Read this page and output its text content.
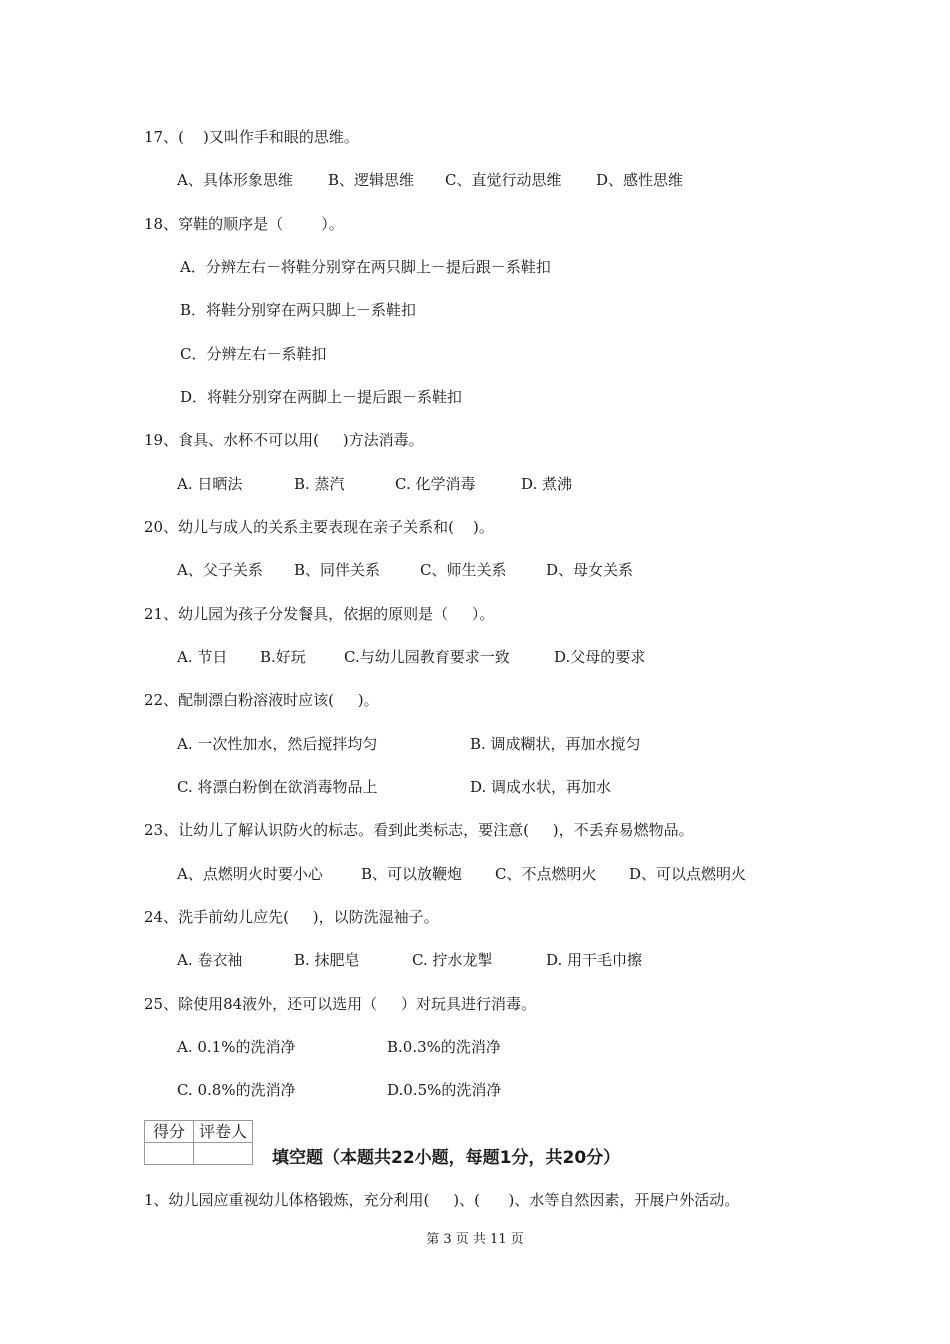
17、(    )又叫作手和眼的思维。
A、具体形象思维 B、逻辑思维 C、直觉行动思维 D、感性思维
18、穿鞋的顺序是（        ）。
A．分辨左右－将鞋分别穿在两只脚上－提后跟－系鞋扣
B．将鞋分别穿在两只脚上－系鞋扣
C．分辨左右－系鞋扣
D．将鞋分别穿在两脚上－提后跟－系鞋扣
19、食具、水杯不可以用(     )方法消毒。
A. 日晒法	B. 蒸汽	C. 化学消毒	D. 煮沸
20、幼儿与成人的关系主要表现在亲子关系和(    )。
A、父子关系 B、同伴关系	C、师生关系	D、母女关系
21、幼儿园为孩子分发餐具，依据的原则是（     ）。
A. 节日 B.好玩	C.与幼儿园教育要求一致	D.父母的要求
22、配制漂白粉溶液时应该(     )。
A. 一次性加水，然后搅拌均匀	B. 调成糊状，再加水搅匀
C. 将漂白粉倒在欲消毒物品上	D. 调成水状，再加水
23、让幼儿了解认识防火的标志。看到此类标志，要注意(     )，不丢弃易燃物品。
A、点燃明火时要小心	B、可以放鞭炮 C、不点燃明火 D、可以点燃明火
24、洗手前幼儿应先(     )，以防洗湿袖子。
A. 卷衣袖	B. 抹肥皂	C. 拧水龙掣	D. 用干毛巾擦
25、除使用84液外，还可以选用（     ）对玩具进行消毒。
A. 0.1%的洗消净	B.0.3%的洗消净
C. 0.8%的洗消净	D.0.5%的洗消净
得分	评卷人

填空题（本题共22小题，每题1分，共20分）
1、幼儿园应重视幼儿体格锻炼，充分利用(     )、(      )、水等自然因素，开展户外活动。
第 3 页 共 11 页
